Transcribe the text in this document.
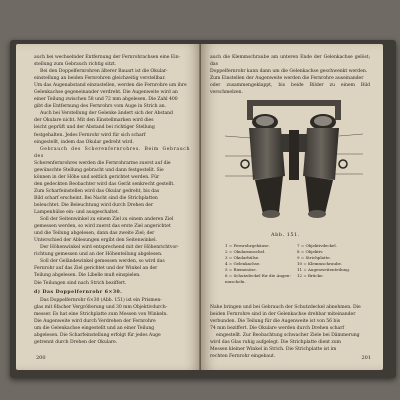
auch bei wechselnder Entfernung der Fernrohrachsen eine Ein-

stellung zum Gebrauch richtig sitzt.

Bei den Doppelfernrohren älterer Bauart ist die Okular-

einstellung an beiden Fernrohren gleichzeitig verstellbar.

Um das Augenabstand einzustellen, werden die Fernrohre um ihre

Gelenkachse gegeneinander verdreht. Die Augenweite wird an

einer Teilung zwischen 58 und 72 mm abgelesen. Die Zahl 400

gibt die Entfernung des Fernrohrs vom Auge in Strich an.

Auch bei Verstellung der Gelenke ändert sich der Abstand

der Okulare nicht. Mit den Einstellmarken wird dies

leicht geprüft und der Abstand bei richtiger Stellung

festgehalten. Jedes Fernrohr wird für sich scharf

eingestellt, indem das Okular gedreht wird.

Gebrauch des Scherenfernrohres. Beim Gebrauch des

Scherenfernrohres werden die Fernrohrarme zuerst auf die

gewünschte Stellung gebracht und dann festgestellt. Sie

können in der Höhe und seitlich gerichtet werden. Für

den gedeckten Beobachter wird das Gerät senkrecht gestellt.

Zum Scharfeinstellen wird das Okular gedreht, bis das

Bild scharf erscheint. Bei Nacht sind die Strichplatten

beleuchtet. Die Beleuchtung wird durch Drehen der

Lampenhülse ein- und ausgeschaltet.

Soll der Seitenwinkel zu einem Ziel zu einem anderen Ziel

gemessen werden, so wird zuerst das erste Ziel angerichtet

und die Teilung abgelesen, dann das zweite Ziel; der

Unterschied der Ablesungen ergibt den Seitenwinkel.

Der Höhenwinkel wird entsprechend mit der Höhenrichtvor-

richtung gemessen und an der Höhenteilung abgelesen.

Soll der Geländewinkel gemessen werden, so wird das

Fernrohr auf das Ziel gerichtet und der Winkel an der

Teilung abgelesen. Die Libelle muß einspielen.

Die Teilungen sind nach Strich beziffert.

d) Das Doppelfernrohr 6×30.

Das Doppelfernrohr 6×30 (Abb. 151) ist ein Prismen-

glas mit 6facher Vergrößerung und 30 mm Objektivdurch-

messer. Es hat eine Strichplatte zum Messen von Winkeln.

Die Augenweite wird durch Verdrehen der Fernrohre

um die Gelenkachse eingestellt und an einer Teilung

abgelesen. Die Scharfeinstellung erfolgt für jedes Auge

getrennt durch Drehen der Okulare.

200

auch die Klemmschraube am unteren Ende der Gelenkachse gelöst; das

Doppelfernrohr kann dann um die Gelenkachse geschwenkt werden.

Zum Einstellen der Augenweite werden die Fernrohre auseinander

oder zusammengeklappt, bis beide Bilder zu einem Bild verschmelzen.

Abb. 151.
1 = Fernrohrgehäuse.
2 = Okularmuschel.
3 = Okularhülse.
4 = Gelenkachse.
5 = Riemenöse.
6 = Schutzdeckel für die Augen-
muscheln.
7 = Objektivdeckel.
8 = Objektiv.
9 = Strichplatte.
10 = Klemmschraube.
11 = Augenweitenteilung.
12 = Brücke.

Nahe bringen und bei Gebrauch der Schutzdeckel abnehmen. Die

beiden Fernrohre sind in der Gelenkachse drehbar miteinander

verbunden. Die Teilung für die Augenweite ist von 56 bis

74 mm beziffert. Die Okulare werden durch Drehen scharf

eingestellt. Zur Beobachtung schwacher Ziele bei Dämmerung

wird das Glas ruhig aufgelegt. Die Strichplatte dient zum

Messen kleiner Winkel in Strich. Die Strichplatte ist im

rechten Fernrohr eingebaut.	201
